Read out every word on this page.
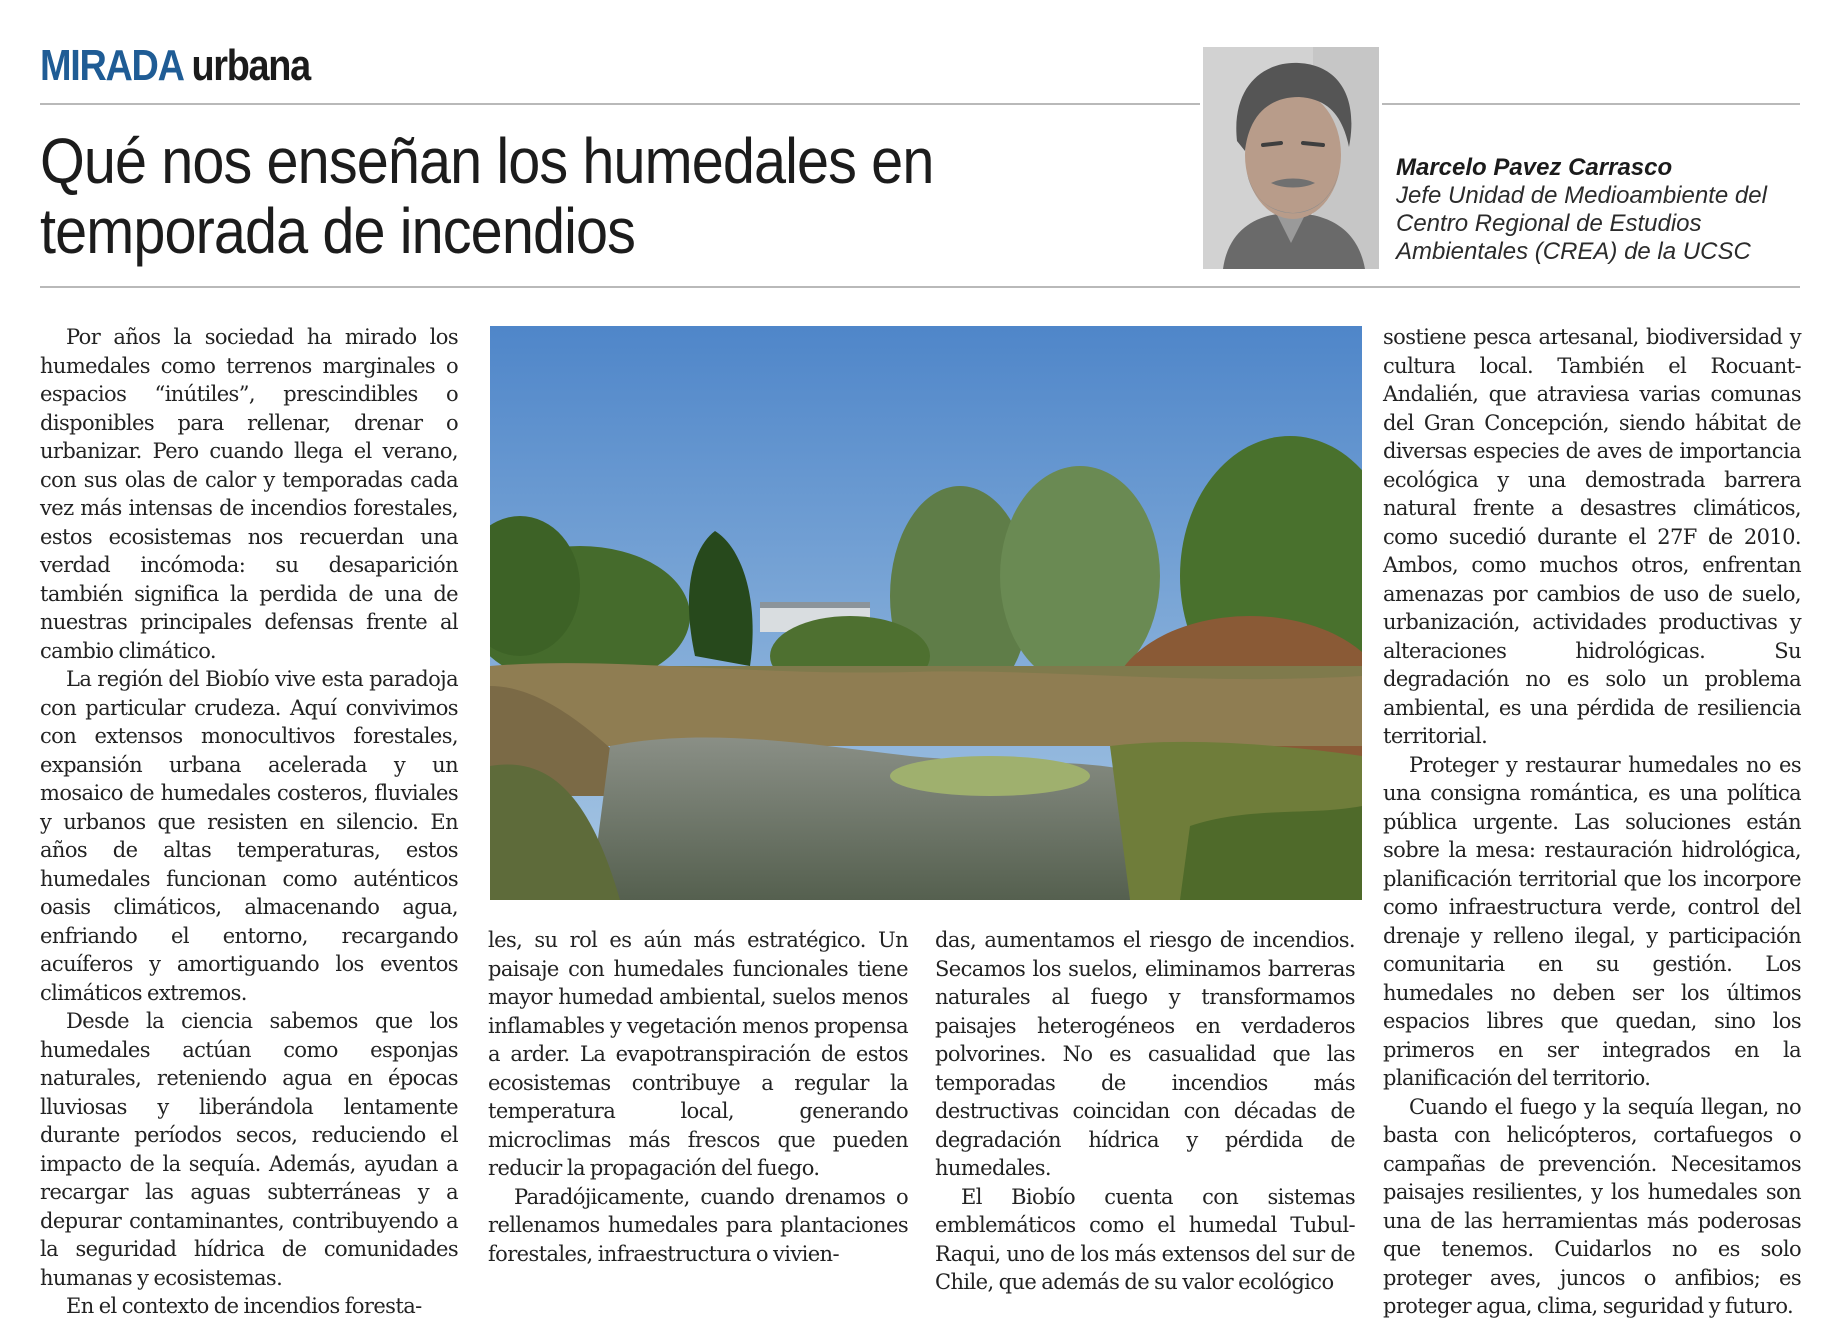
MIRADA urbana
Qué nos enseñan los humedales en
temporada de incendios
Marcelo Pavez Carrasco
Jefe Unidad de Medioambiente del
Centro Regional de Estudios
Ambientales (CREA) de la UCSC

Por años la sociedad ha mirado los humedales como terrenos marginales o espacios “inútiles”, prescindibles o disponibles para rellenar, drenar o urbanizar. Pero cuando llega el verano, con sus olas de calor y temporadas cada vez más intensas de incendios forestales, estos ecosistemas nos recuerdan una verdad incómoda: su desaparición también significa la perdida de una de nuestras principales defensas frente al cambio climático.

La región del Biobío vive esta paradoja con particular crudeza. Aquí convivimos con extensos monocultivos forestales, expansión urbana acelerada y un mosaico de humedales costeros, fluviales y urbanos que resisten en silencio. En años de altas temperaturas, estos humedales funcionan como auténticos oasis climáticos, almacenando agua, enfriando el entorno, recargando acuíferos y amortiguando los eventos climáticos extremos.

Desde la ciencia sabemos que los humedales actúan como esponjas naturales, reteniendo agua en épocas lluviosas y liberándola lentamente durante períodos secos, reduciendo el impacto de la sequía. Además, ayudan a recargar las aguas subterráneas y a depurar contaminantes, contribuyendo a la seguridad hídrica de comunidades humanas y ecosistemas.

En el contexto de incendios foresta-

les, su rol es aún más estratégico. Un paisaje con humedales funcionales tiene mayor humedad ambiental, suelos menos inflamables y vegetación menos propensa a arder. La evapotranspiración de estos ecosistemas contribuye a regular la temperatura local, generando microclimas más frescos que pueden reducir la propagación del fuego.

Paradójicamente, cuando drenamos o rellenamos humedales para plantaciones forestales, infraestructura o vivien-

das, aumentamos el riesgo de incendios. Secamos los suelos, eliminamos barreras naturales al fuego y transformamos paisajes heterogéneos en verdaderos polvorines. No es casualidad que las temporadas de incendios más destructivas coincidan con décadas de degradación hídrica y pérdida de humedales.

El Biobío cuenta con sistemas emblemáticos como el humedal Tubul-Raqui, uno de los más extensos del sur de Chile, que además de su valor ecológico

sostiene pesca artesanal, biodiversidad y cultura local. También el Rocuant-Andalién, que atraviesa varias comunas del Gran Concepción, siendo hábitat de diversas especies de aves de importancia ecológica y una demostrada barrera natural frente a desastres climáticos, como sucedió durante el 27F de 2010. Ambos, como muchos otros, enfrentan amenazas por cambios de uso de suelo, urbanización, actividades productivas y alteraciones hidrológicas. Su degradación no es solo un problema ambiental, es una pérdida de resiliencia territorial.

Proteger y restaurar humedales no es una consigna romántica, es una política pública urgente. Las soluciones están sobre la mesa: restauración hidrológica, planificación territorial que los incorpore como infraestructura verde, control del drenaje y relleno ilegal, y participación comunitaria en su gestión. Los humedales no deben ser los últimos espacios libres que quedan, sino los primeros en ser integrados en la planificación del territorio.

Cuando el fuego y la sequía llegan, no basta con helicópteros, cortafuegos o campañas de prevención. Necesitamos paisajes resilientes, y los humedales son una de las herramientas más poderosas que tenemos. Cuidarlos no es solo proteger aves, juncos o anfibios; es proteger agua, clima, seguridad y futuro.
